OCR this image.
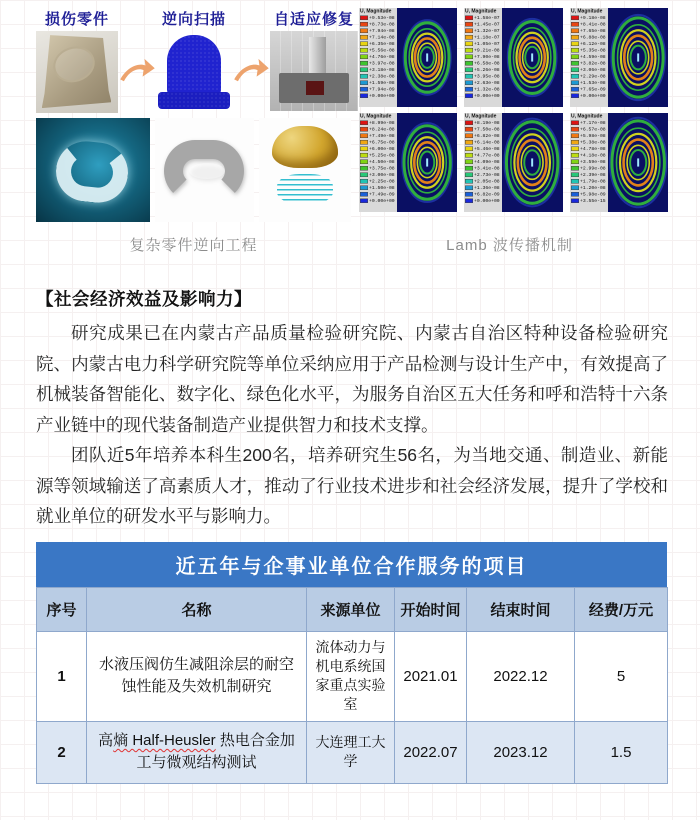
损伤零件	逆向扫描	自适应修复 U, Magnitude
+9.53e-08
+8.73e-08
+7.94e-08
+7.14e-08
+6.35e-08
+5.56e-08
+4.76e-08
+3.97e-08
+3.18e-08
+2.38e-08
+1.59e-08
+7.94e-09
+0.00e+00
U, Magnitude
+1.58e-07
+1.45e-07
+1.32e-07
+1.18e-07
+1.05e-07
+9.21e-08
+7.90e-08
+6.58e-08
+5.26e-08
+3.95e-08
+2.63e-08
+1.32e-08
+0.00e+00
U, Magnitude
+9.18e-08
+8.41e-08
+7.65e-08
+6.88e-08
+6.12e-08
+5.35e-08
+4.59e-08
+3.82e-08
+3.06e-08
+2.29e-08
+1.53e-08
+7.65e-09
+0.00e+00
U, Magnitude
+8.99e-08
+8.24e-08
+7.49e-08
+6.75e-08
+6.00e-08
+5.25e-08
+4.50e-08
+3.75e-08
+3.00e-08
+2.25e-08
+1.50e-08
+7.49e-09
+0.00e+00
U, Magnitude
+8.19e-08
+7.50e-08
+6.82e-08
+6.14e-08
+5.46e-08
+4.77e-08
+4.09e-08
+3.41e-08
+2.73e-08
+2.05e-08
+1.36e-08
+6.82e-09
+0.00e+00
U, Magnitude
+7.17e-08
+6.57e-08
+5.98e-08
+5.38e-08
+4.78e-08
+4.18e-08
+3.59e-08
+2.99e-08
+2.39e-08
+1.79e-08
+1.20e-08
+5.98e-09
+3.55e-15
复杂零件逆向工程	Lamb 波传播机制
【社会经济效益及影响力】

研究成果已在内蒙古产品质量检验研究院、内蒙古自治区特种设备检验研究院、内蒙古电力科学研究院等单位采纳应用于产品检测与设计生产中，有效提高了机械装备智能化、数字化、绿色化水平，为服务自治区五大任务和呼和浩特十六条产业链中的现代装备制造产业提供智力和技术支撑。

团队近5年培养本科生200名，培养研究生56名，为当地交通、制造业、新能源等领域输送了高素质人才，推动了行业技术进步和社会经济发展，提升了学校和就业单位的研发水平与影响力。

近五年与企事业单位合作服务的项目
序号	名称	来源单位	开始时间	结束时间	经费/万元
1	水液压阀仿生减阻涂层的耐空蚀性能及失效机制研究	流体动力与机电系统国家重点实验室	2021.01	2022.12	5
2	高熵 Half-Heusler 热电合金加工与微观结构测试	大连理工大学	2022.07	2023.12	1.5
